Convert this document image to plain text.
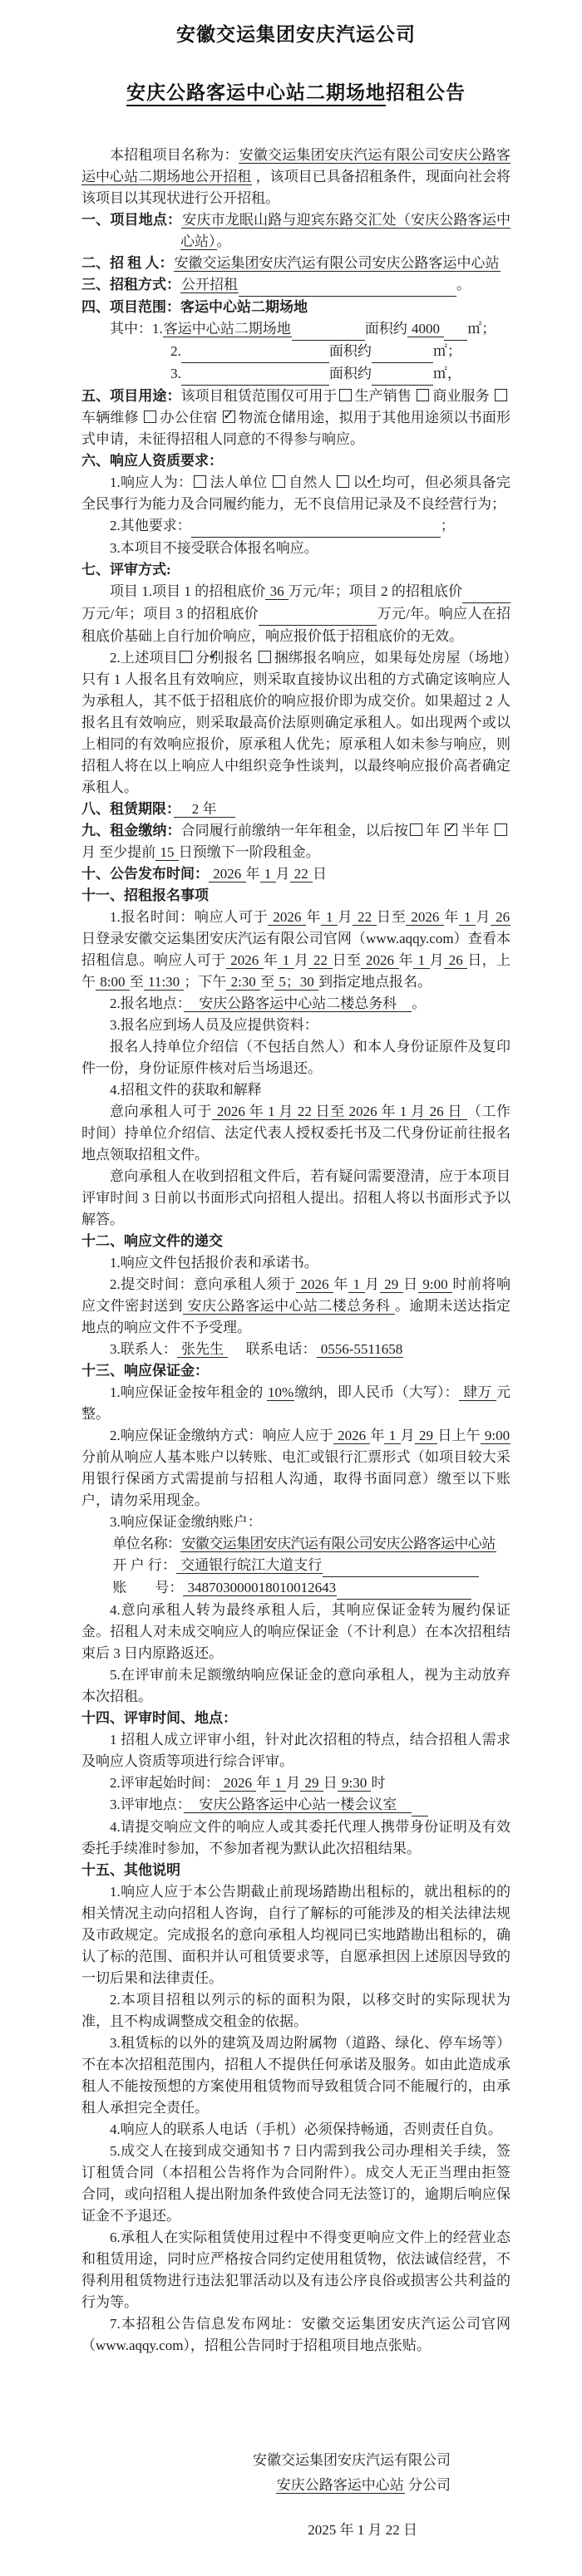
安徽交运集团安庆汽运公司
安庆公路客运中心站二期场地招租公告

本招租项目名称为：安徽交运集团安庆汽运有限公司安庆公路客运中心站二期场地公开招租 ，该项目已具备招租条件，现面向社会将该项目以其现状进行公开招租。

一、项目地点：安庆市龙眠山路与迎宾东路交汇处（安庆公路客运中心站）。

二、招 租 人：安徽交运集团安庆汽运有限公司安庆公路客运中心站

三、招租方式：公开招租	。

四、项目范围：客运中心站二期场地

其中：1.客运中心站二期场地	面积约 4000  ㎡；

2.	面积约	㎡；

3.	面积约	㎡，

五、项目用途：该项目租赁范围仅可用于 生产销售 商业服务 车辆维修 办公住宿 ✓物流仓储用途，拟用于其他用途须以书面形式申请，未征得招租人同意的不得参与响应。

六、响应人资质要求：

1.响应人为： 法人单位 自然人 ✓以上均可，但必须具备完全民事行为能力及合同履约能力，无不良信用记录及不良经营行为；

2.其他要求：	；

3.本项目不接受联合体报名响应。

七、评审方式:

项目 1.项目 1 的招租底价 36 万元/年；项目 2 的招租底价 万元/年；项目 3 的招租底价	万元/年。响应人在招租底价基础上自行加价响应，响应报价低于招租底价的无效。

2.上述项目 ✓ 分别报名 捆绑报名响应，如果每处房屋（场地）只有 1 人报名且有效响应，则采取直接协议出租的方式确定该响应人为承租人，其不低于招租底价的响应报价即为成交价。如果超过 2 人报名且有效响应，则采取最高价法原则确定承租人。如出现两个或以上相同的有效响应报价，原承租人优先；原承租人如未参与响应，则招租人将在以上响应人中组织竞争性谈判，以最终响应报价高者确定承租人。

八、租赁期限：　 2 年 　

九、租金缴纳：合同履行前缴纳一年年租金，以后按 年 ✓半年 月 至少提前 15 日预缴下一阶段租金。

十、公告发布时间： 2026 年 1 月 22 日

十一、招租报名事项

1.报名时间：响应人可于 2026 年 1 月 22 日至 2026 年 1 月 26 日登录安徽交运集团安庆汽运有限公司官网（www.aqqy.com）查看本招租信息。响应人可于 2026 年 1 月 22 日至 2026 年 1 月 26 日，上午 8:00 至 11:30 ；下午 2:30 至 5；30 到指定地点报名。

2.报名地点：　安庆公路客运中心站二楼总务科　。

3.报名应到场人员及应提供资料：

报名人持单位介绍信（不包括自然人）和本人身份证原件及复印件一份，身份证原件核对后当场退还。

4.招租文件的获取和解释

意向承租人可于 2026 年 1 月 22 日至 2026 年 1 月 26 日 （工作时间）持单位介绍信、法定代表人授权委托书及二代身份证前往报名地点领取招租文件。

意向承租人在收到招租文件后，若有疑问需要澄清，应于本项目评审时间 3 日前以书面形式向招租人提出。招租人将以书面形式予以解答。

十二、响应文件的递交

1.响应文件包括报价表和承诺书。

2.提交时间：意向承租人须于 2026 年 1 月 29 日 9:00 时前将响应文件密封送到 安庆公路客运中心站二楼总务科 。逾期未送达指定地点的响应文件不予受理。

3.联系人： 张先生 　 联系电话： 0556-5511658

十三、响应保证金：

1.响应保证金按年租金的 10%缴纳，即人民币（大写）： 肆万 元整。

2.响应保证金缴纳方式：响应人应于 2026 年 1 月 29 日上午 9:00 分前从响应人基本账户以转账、电汇或银行汇票形式（如项目较大采用银行保函方式需提前与招租人沟通，取得书面同意）缴至以下账户，请勿采用现金。

3.响应保证金缴纳账户：

单位名称：安徽交运集团安庆汽运有限公司安庆公路客运中心站

开 户 行： 交通银行皖江大道支行

账　　号： 348703000018010012643

4.意向承租人转为最终承租人后，其响应保证金转为履约保证金。招租人对未成交响应人的响应保证金（不计利息）在本次招租结束后 3 日内原路返还。

5.在评审前未足额缴纳响应保证金的意向承租人，视为主动放弃本次招租。

十四、评审时间、地点：

1 招租人成立评审小组，针对此次招租的特点，结合招租人需求及响应人资质等项进行综合评审。

2.评审起始时间： 2026 年 1 月 29 日 9:30 时

3.评审地点：　安庆公路客运中心站一楼会议室　

4.请提交响应文件的响应人或其委托代理人携带身份证明及有效委托手续准时参加，不参加者视为默认此次招租结果。

十五、其他说明

1.响应人应于本公告期截止前现场踏勘出租标的，就出租标的的相关情况主动向招租人咨询，自行了解标的可能涉及的相关法律法规及市政规定。完成报名的意向承租人均视同已实地踏勘出租标的，确认了标的范围、面积并认可租赁要求等，自愿承担因上述原因导致的一切后果和法律责任。

2.本项目招租以列示的标的面积为限，以移交时的实际现状为准，且不构成调整成交租金的依据。

3.租赁标的以外的建筑及周边附属物（道路、绿化、停车场等）不在本次招租范围内，招租人不提供任何承诺及服务。如由此造成承租人不能按预想的方案使用租赁物而导致租赁合同不能履行的，由承租人承担完全责任。

4.响应人的联系人电话（手机）必须保持畅通，否则责任自负。

5.成交人在接到成交通知书 7 日内需到我公司办理相关手续，签订租赁合同（本招租公告将作为合同附件）。成交人无正当理由拒签合同，或向招租人提出附加条件致使合同无法签订的，逾期后响应保证金不予退还。

6.承租人在实际租赁使用过程中不得变更响应文件上的经营业态和租赁用途，同时应严格按合同约定使用租赁物，依法诚信经营，不得利用租赁物进行违法犯罪活动以及有违公序良俗或损害公共利益的行为等。

7.本招租公告信息发布网址：安徽交运集团安庆汽运公司官网（www.aqqy.com），招租公告同时于招租项目地点张贴。

安徽交运集团安庆汽运有限公司
安庆公路客运中心站 分公司
2025 年 1 月 22 日
